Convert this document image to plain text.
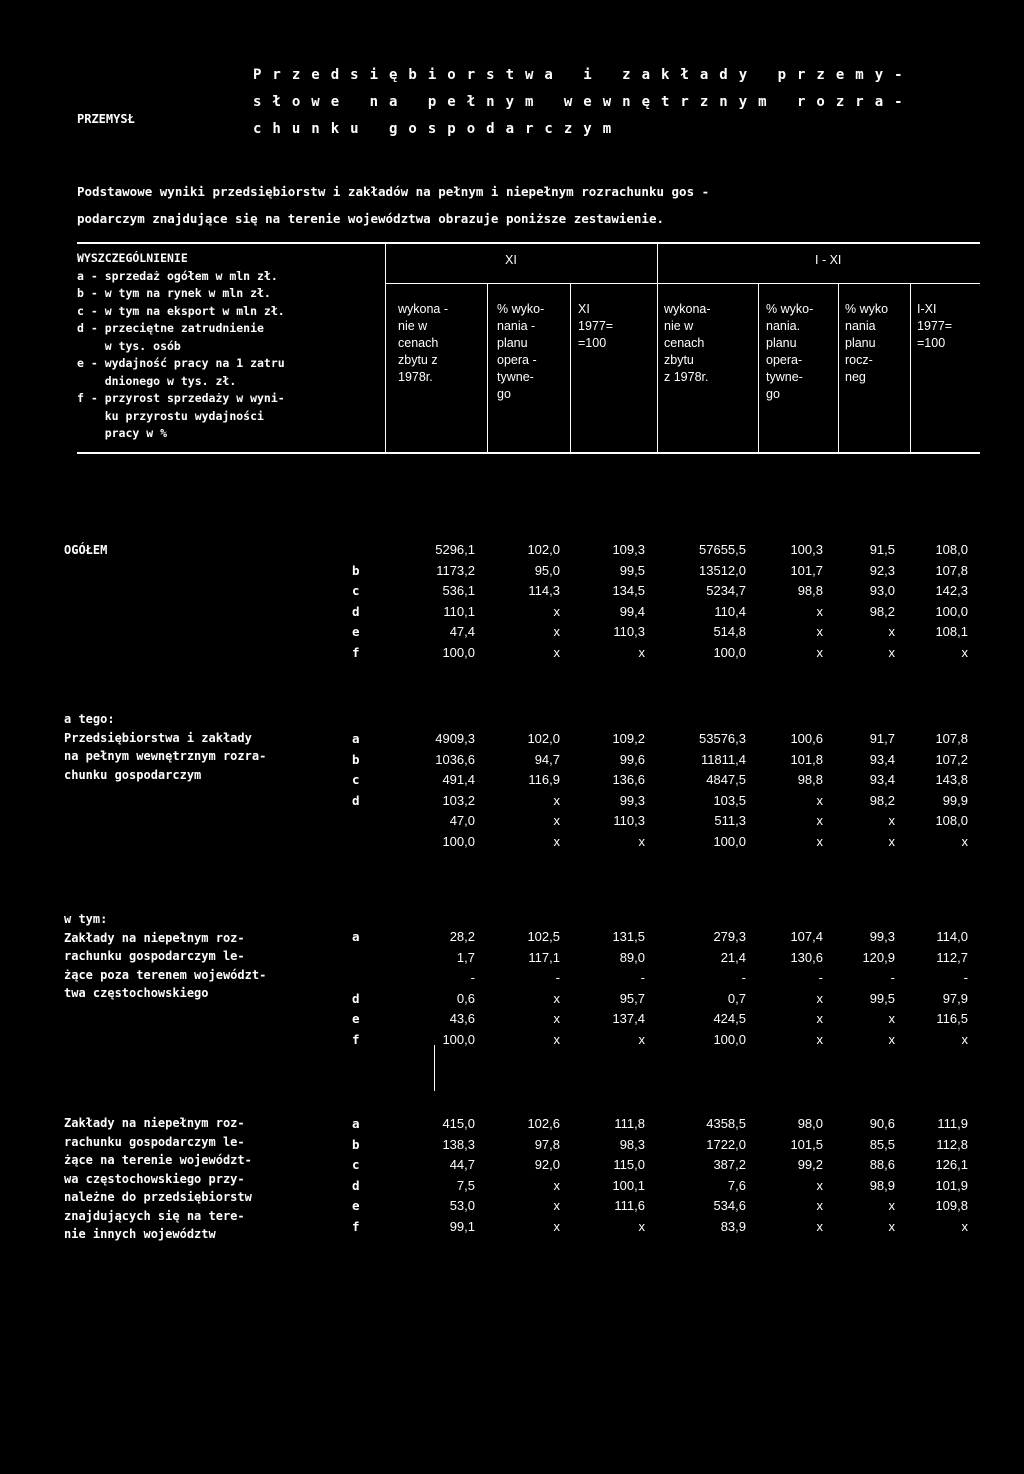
PRZEMYSŁ
Przedsiębiorstwa i zakłady przemy-
słowe na pełnym wewnętrznym rozra-
chunku gospodarczym
Podstawowe wyniki przedsiębiorstw i zakładów na pełnym i niepełnym rozrachunku gos -
podarczym znajdujące się na terenie województwa obrazuje poniższe zestawienie.
WYSZCZEGÓLNIENIE
a - sprzedaż ogółem w mln zł.
b - w tym na rynek w mln zł.
c - w tym na eksport w mln zł.
d - przeciętne zatrudnienie
w tys. osób
e - wydajność pracy na 1 zatru
dnionego w tys. zł.
f - przyrost sprzedaży w wyni-
ku przyrostu wydajności
pracy w %
XI	I - XI
wykona -
nie w
cenach
zbytu z
1978r.
% wyko-
nania -
planu
opera -
tywne-
go
XI
1977=
=100
wykona-
nie w
cenach
zbytu
z 1978r.
% wyko-
nania.
planu
opera-
tywne-
go
% wyko
nania
planu
rocz-
neg
I-XI
1977=
=100
OGÓŁEM

b
c
d
e
f
5296,1
1173,2
536,1
110,1
47,4
100,0
102,0
95,0
114,3
x
x
x
109,3
99,5
134,5
99,4
110,3
x
57655,5
13512,0
5234,7
110,4
514,8
100,0
100,3
101,7
98,8
x
x
x
91,5
92,3
93,0
98,2
x
x
108,0
107,8
142,3
100,0
108,1
x
a tego:
Przedsiębiorstwa i zakłady
na pełnym wewnętrznym rozra-
chunku gospodarczym
a
b
c
d

4909,3
1036,6
491,4
103,2
47,0
100,0
102,0
94,7
116,9
x
x
x
109,2
99,6
136,6
99,3
110,3
x
53576,3
11811,4
4847,5
103,5
511,3
100,0
100,6
101,8
98,8
x
x
x
91,7
93,4
93,4
98,2
x
x
107,8
107,2
143,8
99,9
108,0
x
w tym:
Zakłady na niepełnym roz-
rachunku gospodarczym le-
żące poza terenem województ-
twa częstochowskiego
a

d
e
f
28,2
1,7
-
0,6
43,6
100,0
102,5
117,1
-
x
x
x
131,5
89,0
-
95,7
137,4
x
279,3
21,4
-
0,7
424,5
100,0
107,4
130,6
-
x
x
x
99,3
120,9
-
99,5
x
x
114,0
112,7
-
97,9
116,5
x
Zakłady na niepełnym roz-
rachunku gospodarczym le-
żące na terenie województ-
wa częstochowskiego przy-
należne do przedsiębiorstw
znajdujących się na tere-
nie innych województw
a
b
c
d
e
f
415,0
138,3
44,7
7,5
53,0
99,1
102,6
97,8
92,0
x
x
x
111,8
98,3
115,0
100,1
111,6
x
4358,5
1722,0
387,2
7,6
534,6
83,9
98,0
101,5
99,2
x
x
x
90,6
85,5
88,6
98,9
x
x
111,9
112,8
126,1
101,9
109,8
x
